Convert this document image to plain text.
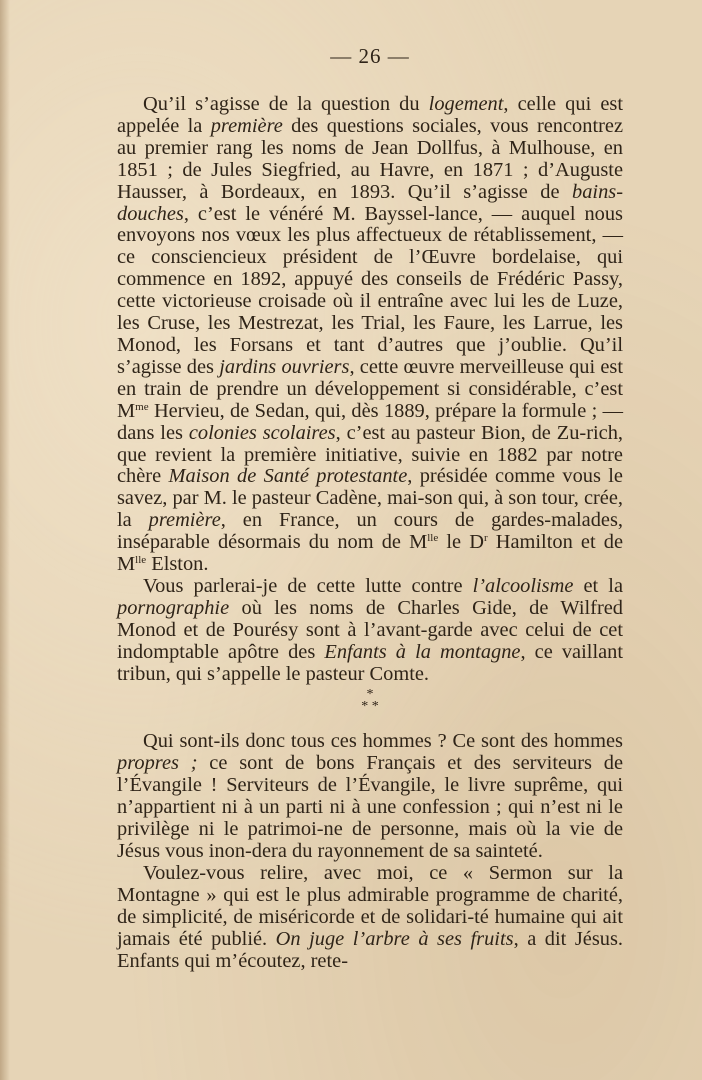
— 26 —

Qu’il s’agisse de la question du logement, celle qui est appelée la première des questions sociales, vous rencontrez au premier rang les noms de Jean Dollfus, à Mulhouse, en 1851 ; de Jules Siegfried, au Havre, en 1871 ; d’Auguste Hausser, à Bordeaux, en 1893. Qu’il s’agisse de bains-douches, c’est le vénéré M. Bayssel-lance, — auquel nous envoyons nos vœux les plus affectueux de rétablissement, — ce consciencieux président de l’Œuvre bordelaise, qui commence en 1892, appuyé des conseils de Frédéric Passy, cette victorieuse croisade où il entraîne avec lui les de Luze, les Cruse, les Mestrezat, les Trial, les Faure, les Larrue, les Monod, les Forsans et tant d’autres que j’oublie. Qu’il s’agisse des jardins ouvriers, cette œuvre merveilleuse qui est en train de prendre un développement si considérable, c’est $M^{me}$ Hervieu, de Sedan, qui, dès 1889, prépare la formule ; — dans les colonies scolaires, c’est au pasteur Bion, de Zu-rich, que revient la première initiative, suivie en 1882 par notre chère Maison de Santé protestante, présidée comme vous le savez, par M. le pasteur Cadène, mai-son qui, à son tour, crée, la première, en France, un cours de gardes-malades, inséparable désormais du nom de $M^{lle}$ le $D^r$ Hamilton et de $M^{lle}$ Elston.

Vous parlerai-je de cette lutte contre l’alcoolisme et la pornographie où les noms de Charles Gide, de Wilfred Monod et de Pourésy sont à l’avant-garde avec celui de cet indomptable apôtre des Enfants à la montagne, ce vaillant tribun, qui s’appelle le pasteur Comte.

*
* *

Qui sont-ils donc tous ces hommes ? Ce sont des hommes propres ; ce sont de bons Français et des serviteurs de l’Évangile ! Serviteurs de l’Évangile, le livre suprême, qui n’appartient ni à un parti ni à une confession ; qui n’est ni le privilège ni le patrimoi-ne de personne, mais où la vie de Jésus vous inon-dera du rayonnement de sa sainteté.

Voulez-vous relire, avec moi, ce « Sermon sur la Montagne » qui est le plus admirable programme de charité, de simplicité, de miséricorde et de solidari-té humaine qui ait jamais été publié. On juge l’arbre à ses fruits, a dit Jésus. Enfants qui m’écoutez, rete-
